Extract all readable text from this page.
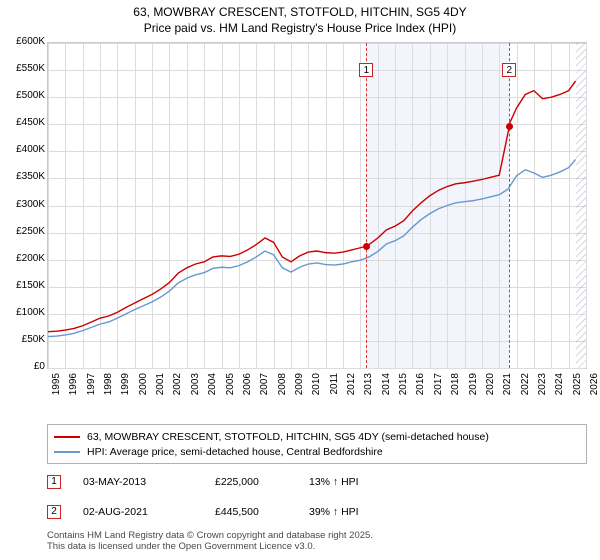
63, MOWBRAY CRESCENT, STOTFOLD, HITCHIN, SG5 4DY
Price paid vs. HM Land Registry's House Price Index (HPI)
1	2
£0
£50K
£100K
£150K
£200K
£250K
£300K
£350K
£400K
£450K
£500K
£550K
£600K
1995 1996 1997 1998 1999 2000 2001 2002 2003 2004 2005 2006 2007 2008 2009 2010 2011 2012 2013 2014 2015 2016 2017 2018 2019 2020 2021 2022 2023 2024 2025 2026
63, MOWBRAY CRESCENT, STOTFOLD, HITCHIN, SG5 4DY (semi-detached house)
HPI: Average price, semi-detached house, Central Bedfordshire
1	03-MAY-2013	£225,000	13% ↑ HPI
2	02-AUG-2021	£445,500	39% ↑ HPI
Contains HM Land Registry data © Crown copyright and database right 2025.
This data is licensed under the Open Government Licence v3.0.
